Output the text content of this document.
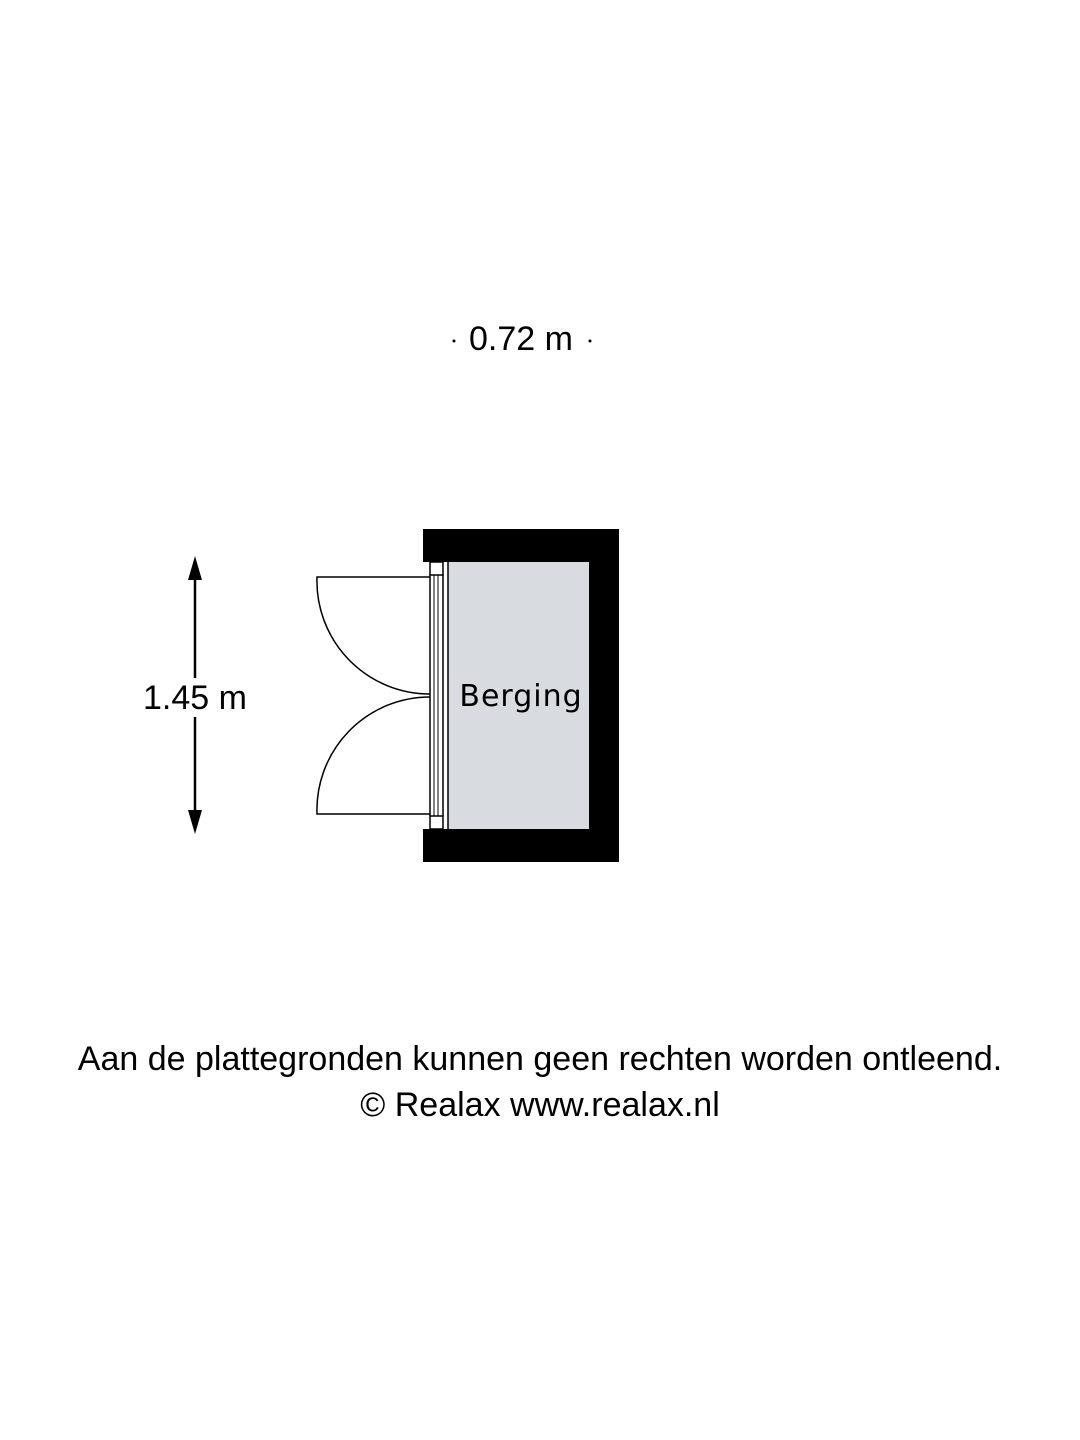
0.72 m
1.45 m	Berging
Aan de plattegronden kunnen geen rechten worden ontleend.
© Realax www.realax.nl
